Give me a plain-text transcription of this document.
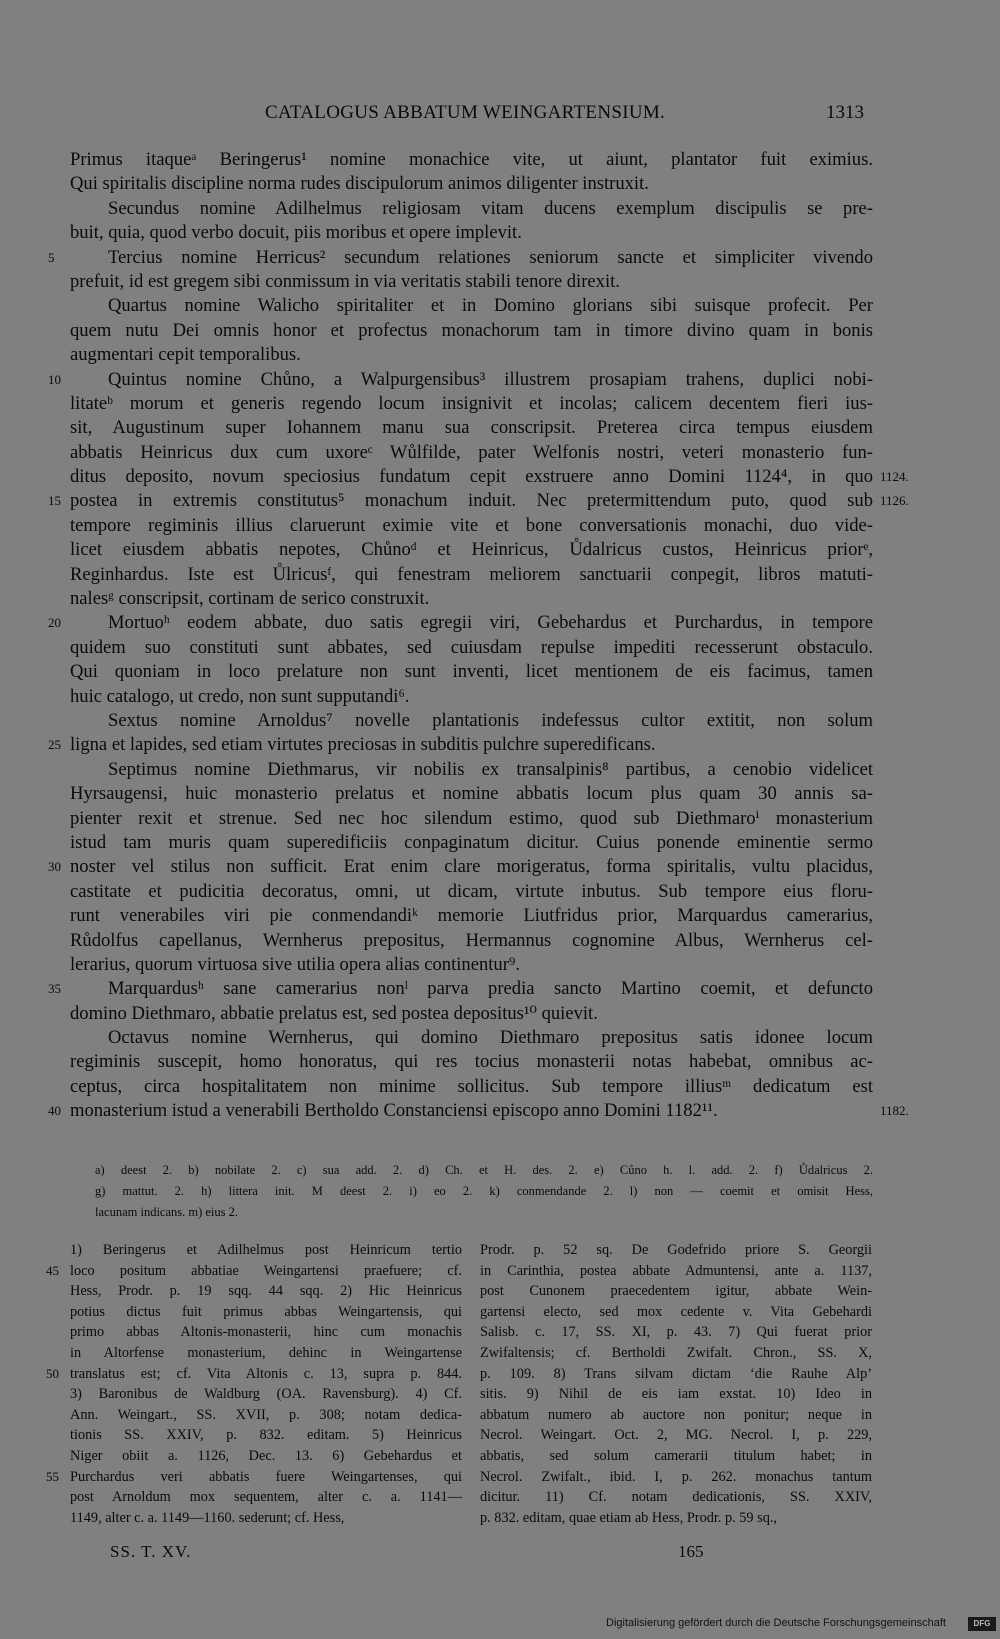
CATALOGUS ABBATUM WEINGARTENSIUM.	1313
Primus itaqueᵃ Beringerus¹ nomine monachice vite, ut aiunt, plantator fuit eximius.
Qui spiritalis discipline norma rudes discipulorum animos diligenter instruxit.
Secundus nomine Adilhelmus religiosam vitam ducens exemplum discipulis se pre-
buit, quia, quod verbo docuit, piis moribus et opere implevit.
Tercius nomine Herricus² secundum relationes seniorum sancte et simpliciter vivendo
5
prefuit, id est gregem sibi conmissum in via veritatis stabili tenore direxit.
Quartus nomine Walicho spiritaliter et in Domino glorians sibi suisque profecit. Per
quem nutu Dei omnis honor et profectus monachorum tam in timore divino quam in bonis
augmentari cepit temporalibus.
Quintus nomine Chůno, a Walpurgensibus³ illustrem prosapiam trahens, duplici nobi-
10
litateᵇ morum et generis regendo locum insignivit et incolas; calicem decentem fieri ius-
sit, Augustinum super Iohannem manu sua conscripsit. Preterea circa tempus eiusdem
abbatis Heinricus dux cum uxoreᶜ Wůlfilde, pater Welfonis nostri, veteri monasterio fun-
ditus deposito, novum speciosius fundatum cepit exstruere anno Domini 1124⁴, in quo 1124.
postea in extremis constitutus⁵ monachum induit. Nec pretermittendum puto, quod sub
15	1126.
tempore regiminis illius claruerunt eximie vite et bone conversationis monachi, duo vide-
licet eiusdem abbatis nepotes, Chůnoᵈ et Heinricus, Ůdalricus custos, Heinricus priorᵉ,
Reginhardus. Iste est Ůlricusᶠ, qui fenestram meliorem sanctuarii conpegit, libros matuti-
nalesᵍ conscripsit, cortinam de serico construxit.
Mortuoʰ eodem abbate, duo satis egregii viri, Gebehardus et Purchardus, in tempore
20
quidem suo constituti sunt abbates, sed cuiusdam repulse impediti recesserunt obstaculo.
Qui quoniam in loco prelature non sunt inventi, licet mentionem de eis facimus, tamen
huic catalogo, ut credo, non sunt supputandi⁶.
Sextus nomine Arnoldus⁷ novelle plantationis indefessus cultor extitit, non solum
ligna et lapides, sed etiam virtutes preciosas in subditis pulchre superedificans.
25
Septimus nomine Diethmarus, vir nobilis ex transalpinis⁸ partibus, a cenobio videlicet
Hyrsaugensi, huic monasterio prelatus et nomine abbatis locum plus quam 30 annis sa-
pienter rexit et strenue. Sed nec hoc silendum estimo, quod sub Diethmaroⁱ monasterium
istud tam muris quam superedificiis conpaginatum dicitur. Cuius ponende eminentie sermo
noster vel stilus non sufficit. Erat enim clare morigeratus, forma spiritalis, vultu placidus,
30
castitate et pudicitia decoratus, omni, ut dicam, virtute inbutus. Sub tempore eius floru-
runt venerabiles viri pie conmendandiᵏ memorie Liutfridus prior, Marquardus camerarius,
Růdolfus capellanus, Wernherus prepositus, Hermannus cognomine Albus, Wernherus cel-
lerarius, quorum virtuosa sive utilia opera alias continentur⁹.
Marquardusʰ sane camerarius nonˡ parva predia sancto Martino coemit, et defuncto
35
domino Diethmaro, abbatie prelatus est, sed postea depositus¹⁰ quievit.
Octavus nomine Wernherus, qui domino Diethmaro prepositus satis idonee locum
regiminis suscepit, homo honoratus, qui res tocius monasterii notas habebat, omnibus ac-
ceptus, circa hospitalitatem non minime sollicitus. Sub tempore illiusᵐ dedicatum est
monasterium istud a venerabili Bertholdo Constanciensi episcopo anno Domini 1182¹¹.
40	1182.
a) deest 2. b) nobilate 2. c) sua add. 2. d) Ch. et H. des. 2. e) Cůno h. l. add. 2. f) Ůdalricus 2.
g) mattut. 2. h) littera init. M deest 2. i) eo 2. k) conmendande 2. l) non — coemit et omisit Hess,
lacunam indicans. m) eius 2.
1) Beringerus et Adilhelmus post Heinricum tertio
loco positum abbatiae Weingartensi praefuere; cf.
45
Hess, Prodr. p. 19 sqq. 44 sqq. 2) Hic Heinricus
potius dictus fuit primus abbas Weingartensis, qui
primo abbas Altonis-monasterii, hinc cum monachis
in Altorfense monasterium, dehinc in Weingartense
translatus est; cf. Vita Altonis c. 13, supra p. 844.
50
3) Baronibus de Waldburg (OA. Ravensburg). 4) Cf.
Ann. Weingart., SS. XVII, p. 308; notam dedica-
tionis SS. XXIV, p. 832. editam. 5) Heinricus
Niger obiit a. 1126, Dec. 13. 6) Gebehardus et
Purchardus veri abbatis fuere Weingartenses, qui
55
post Arnoldum mox sequentem, alter c. a. 1141—
1149, alter c. a. 1149—1160. sederunt; cf. Hess,
Prodr. p. 52 sq. De Godefrido priore S. Georgii
in Carinthia, postea abbate Admuntensi, ante a. 1137,
post Cunonem praecedentem igitur, abbate Wein-
gartensi electo, sed mox cedente v. Vita Gebehardi
Salisb. c. 17, SS. XI, p. 43. 7) Qui fuerat prior
Zwifaltensis; cf. Bertholdi Zwifalt. Chron., SS. X,
p. 109. 8) Trans silvam dictam ‘die Rauhe Alp’
sitis. 9) Nihil de eis iam exstat. 10) Ideo in
abbatum numero ab auctore non ponitur; neque in
Necrol. Weingart. Oct. 2, MG. Necrol. I, p. 229,
abbatis, sed solum camerarii titulum habet; in
Necrol. Zwifalt., ibid. I, p. 262. monachus tantum
dicitur. 11) Cf. notam dedicationis, SS. XXIV,
p. 832. editam, quae etiam ab Hess, Prodr. p. 59 sq.,
SS. T. XV.	165
Digitalisierung gefördert durch die Deutsche Forschungsgemeinschaft	DFG
